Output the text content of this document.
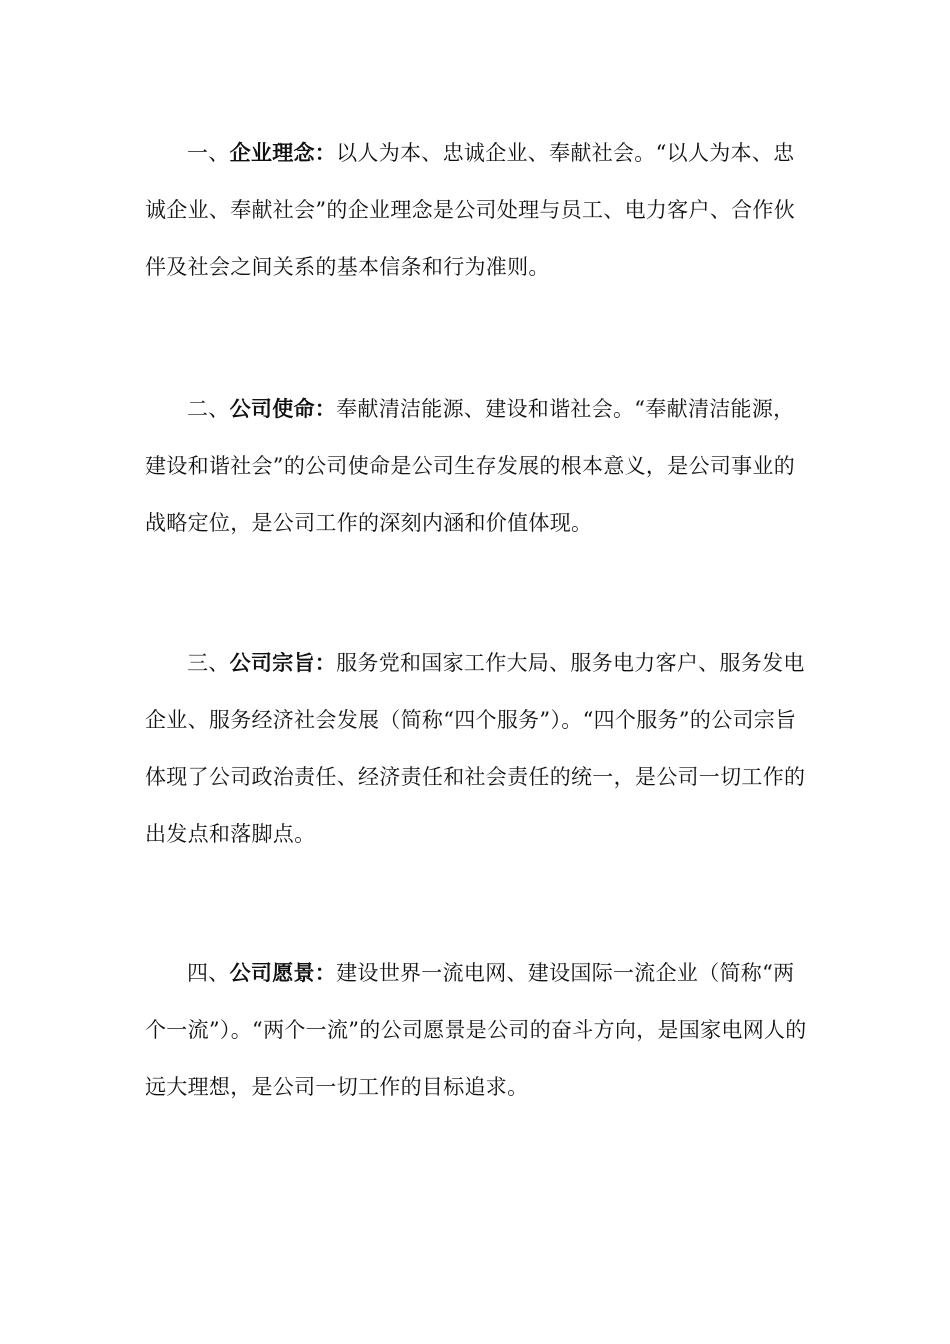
一、企业理念：以人为本、忠诚企业、奉献社会。“以人为本、忠诚企业、奉献社会”的企业理念是公司处理与员工、电力客户、合作伙伴及社会之间关系的基本信条和行为准则。

二、公司使命：奉献清洁能源、建设和谐社会。“奉献清洁能源，建设和谐社会”的公司使命是公司生存发展的根本意义，是公司事业的战略定位，是公司工作的深刻内涵和价值体现。

三、公司宗旨：服务党和国家工作大局、服务电力客户、服务发电企业、服务经济社会发展（简称“四个服务”）。“四个服务”的公司宗旨体现了公司政治责任、经济责任和社会责任的统一，是公司一切工作的出发点和落脚点。

四、公司愿景：建设世界一流电网、建设国际一流企业（简称“两个一流”）。“两个一流”的公司愿景是公司的奋斗方向，是国家电网人的远大理想，是公司一切工作的目标追求。
